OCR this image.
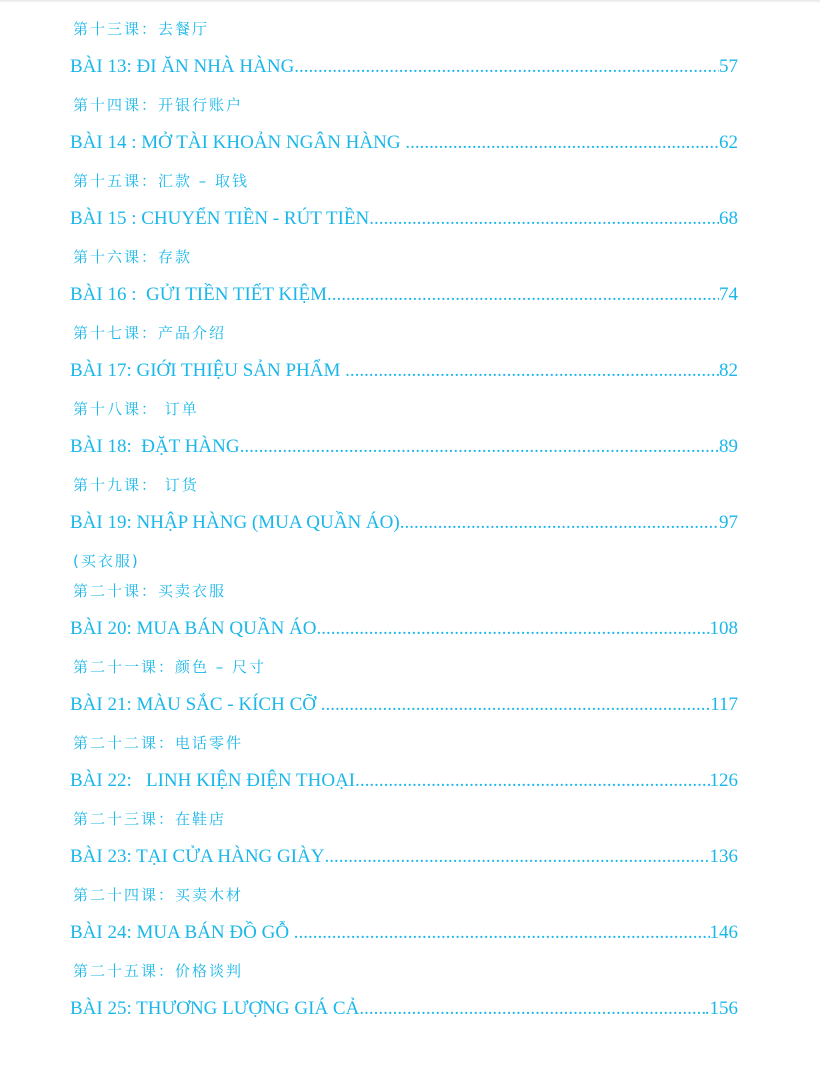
第十三课：去餐厅
BÀI 13: ĐI ĂN NHÀ HÀNG .....	57
第十四课：开银行账户
BÀI 14 : MỞ TÀI KHOẢN NGÂN HÀNG .....	62
第十五课：汇款 – 取钱
BÀI 15 : CHUYỂN TIỀN - RÚT TIỀN .....	68
第十六课：存款
BÀI 16 :  GỬI TIỀN TIẾT KIỆM .....	74
第十七课：产品介绍
BÀI 17: GIỚI THIỆU SẢN PHẨM .....	82
第十八课： 订单
BÀI 18:  ĐẶT HÀNG .....	89
第十九课： 订货
BÀI 19: NHẬP HÀNG (MUA QUẦN ÁO) .....	97
(买衣服)
第二十课：买卖衣服
BÀI 20: MUA BÁN QUẦN ÁO .....	108
第二十一课：颜色 – 尺寸
BÀI 21: MÀU SẮC - KÍCH CỠ .....	117
第二十二课：电话零件
BÀI 22:   LINH KIỆN ĐIỆN THOẠI .....	126
第二十三课：在鞋店
BÀI 23: TẠI CỬA HÀNG GIÀY .....	136
第二十四课：买卖木材
BÀI 24: MUA BÁN ĐỒ GỖ .....	146
第二十五课：价格谈判
BÀI 25: THƯƠNG LƯỢNG GIÁ CẢ .....	.156
